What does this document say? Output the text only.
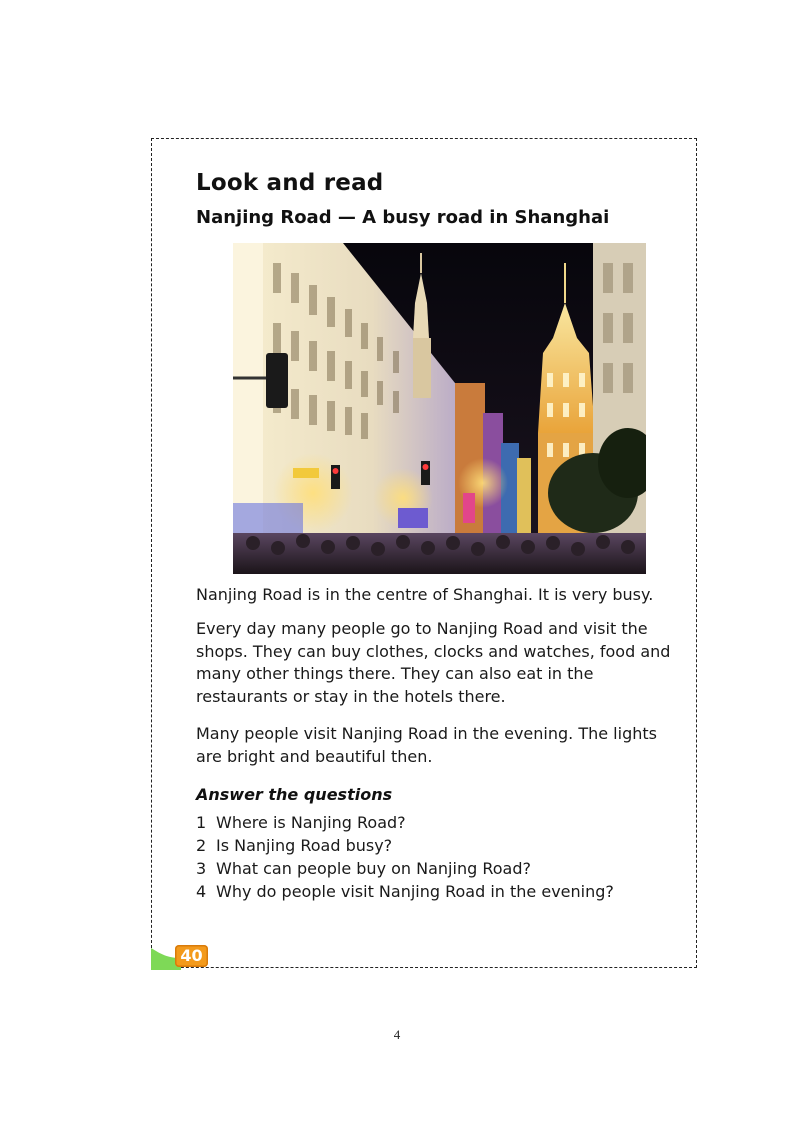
Look and read
Nanjing Road — A busy road in Shanghai

Nanjing Road is in the centre of Shanghai. It is very busy.

Every day many people go to Nanjing Road and visit the shops. They can buy clothes, clocks and watches, food and many other things there. They can also eat in the restaurants or stay in the hotels there.

Many people visit Nanjing Road in the evening. The lights are bright and beautiful then.

Answer the questions

1 Where is Nanjing Road?
2 Is Nanjing Road busy?
3 What can people buy on Nanjing Road?
4 Why do people visit Nanjing Road in the evening?
40
4
